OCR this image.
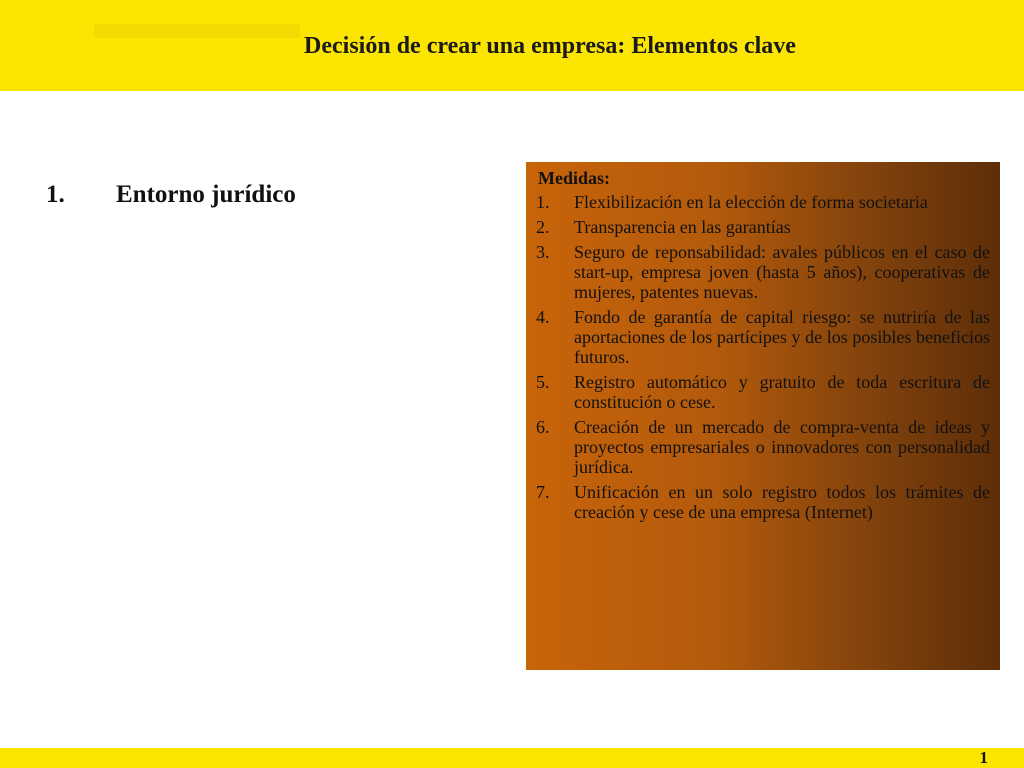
Decisión de crear una empresa: Elementos clave
1. Entorno jurídico
Medidas:
1.	Flexibilización en la elección de forma societaria
2.	Transparencia en las garantías
3.	Seguro de reponsabilidad: avales públicos en el caso de start-up, empresa joven (hasta 5 años), cooperativas de mujeres, patentes nuevas.
4.	Fondo de garantía de capital riesgo: se nutriría de las aportaciones de los partícipes y de los posibles beneficios futuros.
5.	Registro automático y gratuito de toda escritura de constitución o cese.
6.	Creación de un mercado de compra-venta de ideas y proyectos empresariales o innovadores con personalidad jurídica.
7.	Unificación en un solo registro todos los trámites de creación y cese de una empresa (Internet)
1
